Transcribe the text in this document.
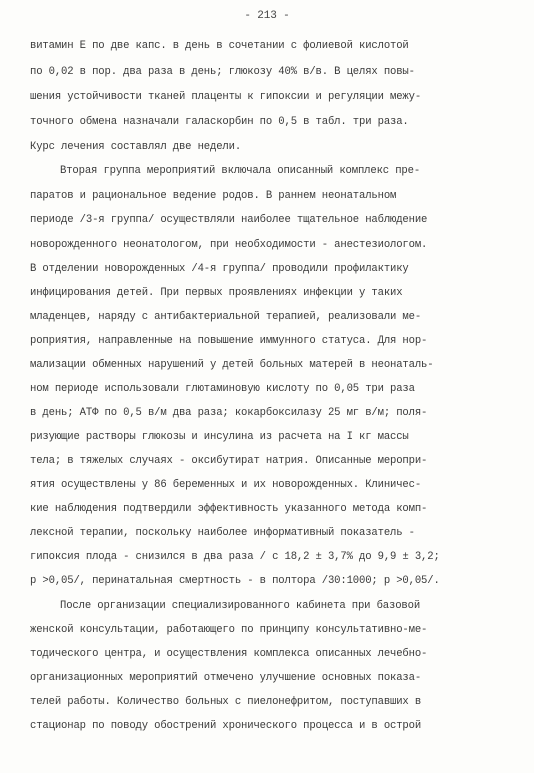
- 213 -
витамин Е по две капс. в день в сочетании с фолиевой кислотой
по 0,02 в пор. два раза в день; глюкозу 40% в/в. В целях повы-
шения устойчивости тканей плаценты к гипоксии и регуляции межу-
точного обмена назначали галаскорбин по 0,5 в табл. три раза.
Курс лечения составлял две недели.
Вторая группа мероприятий включала описанный комплекс пре-
паратов и рациональное ведение родов. В раннем неонатальном
периоде /3-я группа/ осуществляли наиболее тщательное наблюдение
новорожденного неонатологом, при необходимости - анестезиологом.
В отделении новорожденных /4-я группа/ проводили профилактику
инфицирования детей. При первых проявлениях инфекции у таких
младенцев, наряду с антибактериальной терапией, реализовали ме-
роприятия, направленные на повышение иммунного статуса. Для нор-
мализации обменных нарушений у детей больных матерей в неонаталь-
ном периоде использовали глютаминовую кислоту по 0,05 три раза
в день; АТФ по 0,5 в/м два раза; кокарбоксилазу 25 мг в/м; поля-
ризующие растворы глюкозы и инсулина из расчета на I кг массы
тела; в тяжелых случаях - оксибутират натрия. Описанные меропри-
ятия осуществлены у 86 беременных и их новорожденных. Клиничес-
кие наблюдения подтвердили эффективность указанного метода комп-
лексной терапии, поскольку наиболее информативный показатель -
гипоксия плода - снизился в два раза / с 18,2 ± 3,7% до 9,9 ± 3,2;
р >0,05/, перинатальная смертность - в полтора /30:1000; р >0,05/.
После организации специализированного кабинета при базовой
женской консультации, работающего по принципу консультативно-ме-
тодического центра, и осуществления комплекса описанных лечебно-
организационных мероприятий отмечено улучшение основных показа-
телей работы. Количество больных с пиелонефритом, поступавших в
стационар по поводу обострений хронического процесса и в острой
